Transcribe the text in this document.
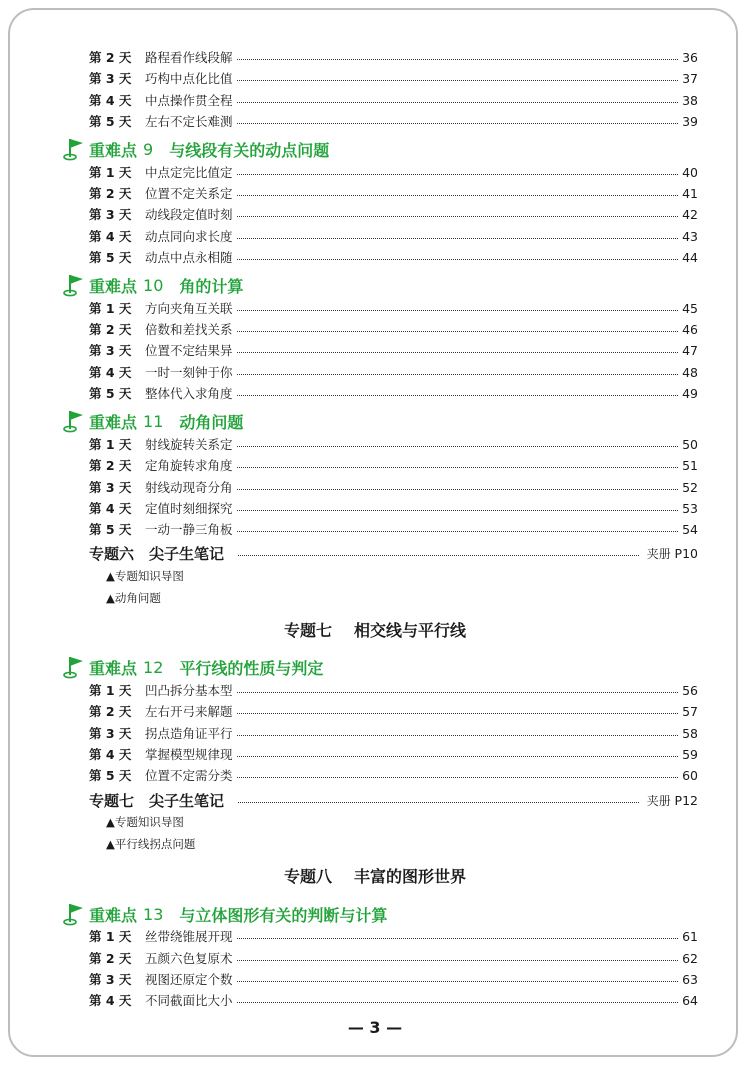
第 2 天	路程看作线段解	36
第 3 天	巧构中点化比值	37
第 4 天	中点操作贯全程	38
第 5 天	左右不定长难测	39
重难点 9 与线段有关的动点问题
第 1 天	中点定完比值定	40
第 2 天	位置不定关系定	41
第 3 天	动线段定值时刻	42
第 4 天	动点同向求长度	43
第 5 天	动点中点永相随	44
重难点 10 角的计算
第 1 天	方向夹角互关联	45
第 2 天	倍数和差找关系	46
第 3 天	位置不定结果异	47
第 4 天	一时一刻钟于你	48
第 5 天	整体代入求角度	49
重难点 11 动角问题
第 1 天	射线旋转关系定	50
第 2 天	定角旋转求角度	51
第 3 天	射线动现奇分角	52
第 4 天	定值时刻细探究	53
第 5 天	一动一静三角板	54
专题六　尖子生笔记	夹册 P10
▲专题知识导图
▲动角问题
专题七 相交线与平行线
重难点 12 平行线的性质与判定
第 1 天	凹凸拆分基本型	56
第 2 天	左右开弓来解题	57
第 3 天	拐点造角证平行	58
第 4 天	掌握模型规律现	59
第 5 天	位置不定需分类	60
专题七　尖子生笔记	夹册 P12
▲专题知识导图
▲平行线拐点问题
专题八 丰富的图形世界
重难点 13 与立体图形有关的判断与计算
第 1 天	丝带绕锥展开现	61
第 2 天	五颜六色复原术	62
第 3 天	视图还原定个数	63
第 4 天	不同截面比大小	64
— 3 —
